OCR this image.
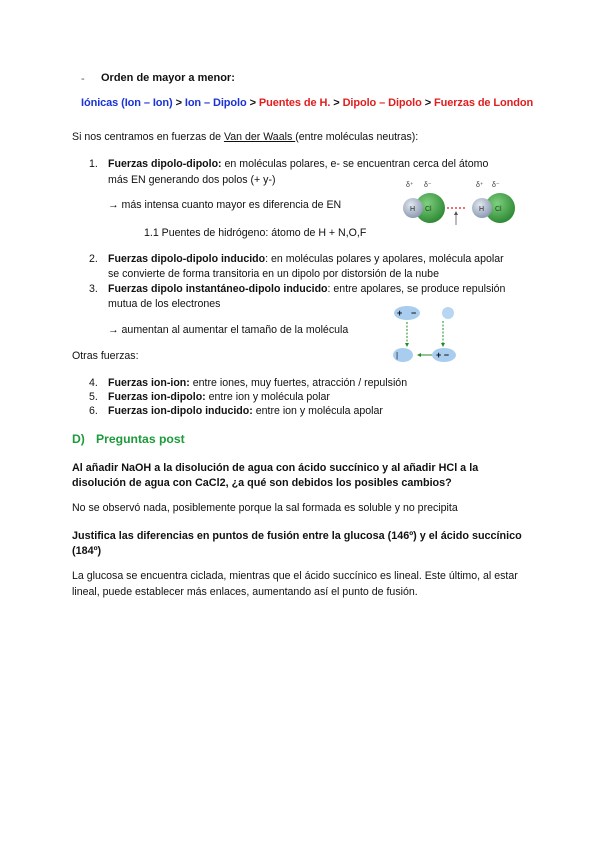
- Orden de mayor a menor:
Iónicas (Ion – Ion) > Ion – Dipolo > Puentes de H. > Dipolo – Dipolo > Fuerzas de London
Si nos centramos en fuerzas de Van der Waals (entre moléculas neutras):
1. Fuerzas dipolo-dipolo: en moléculas polares, e- se encuentran cerca del átomo
más EN generando dos polos (+ y-)
→ más intensa cuanto mayor es diferencia de EN
1.1 Puentes de hidrógeno: átomo de H + N,O,F
δ⁺ δ⁻	δ⁺ δ⁻
H Cl	H Cl
2. Fuerzas dipolo-dipolo inducido: en moléculas polares y apolares, molécula apolar
se convierte de forma transitoria en un dipolo por distorsión de la nube
3. Fuerzas dipolo instantáneo-dipolo inducido: entre apolares, se produce repulsión
mutua de los electrones
→ aumentan al aumentar el tamaño de la molécula
+ −
|	+ −
Otras fuerzas:
4. Fuerzas ion-ion: entre iones, muy fuertes, atracción / repulsión
5. Fuerzas ion-dipolo: entre ion y molécula polar
6. Fuerzas ion-dipolo inducido: entre ion y molécula apolar
D) Preguntas post
Al añadir NaOH a la disolución de agua con ácido succínico y al añadir HCl a la disolución de agua con CaCl2, ¿a qué son debidos los posibles cambios?
No se observó nada, posiblemente porque la sal formada es soluble y no precipita
Justifica las diferencias en puntos de fusión entre la glucosa (146º) y el ácido succínico (184º)
La glucosa se encuentra ciclada, mientras que el ácido succínico es lineal. Este último, al estar lineal, puede establecer más enlaces, aumentando así el punto de fusión.
